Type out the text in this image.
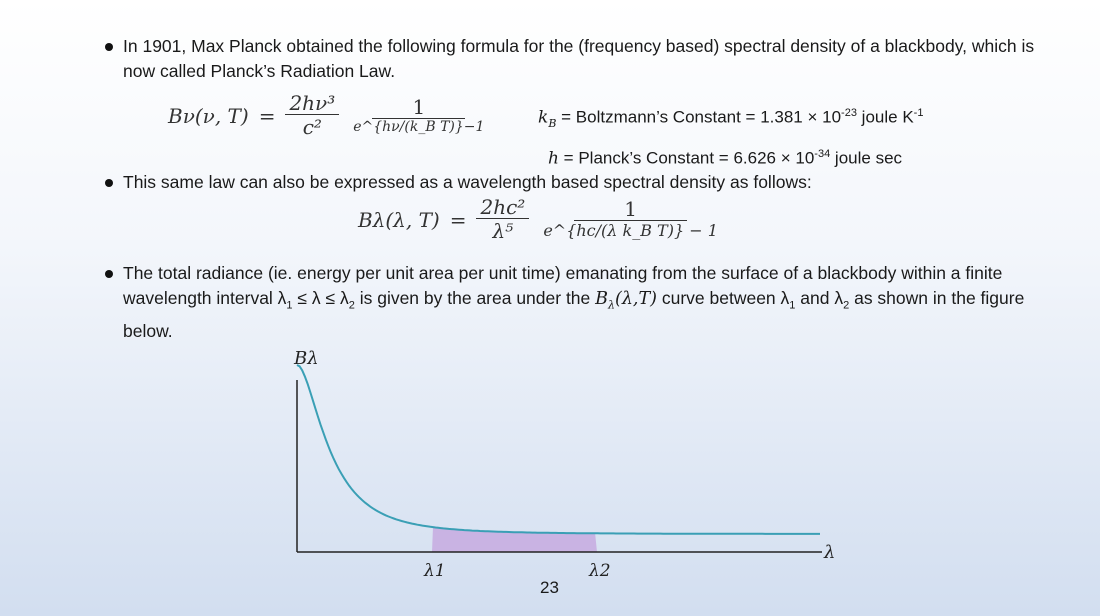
In 1901, Max Planck obtained the following formula for the (frequency based) spectral density of a blackbody, which is now called Planck’s Radiation Law.
Bν(ν, $T) = \frac{\text{2hν³}}{\text{c²}} \frac{1}{\text{e\textasciicircum{}\{hν/(k\_B T)\}−1}}$	$k_B$ = Boltzmann’s Constant = $1.381 \times 10^{-23}$ joule $K^{-1}$
h = Planck’s Constant = $6.626 \times 10^{-34}$ joule sec
This same law can also be expressed as a wavelength based spectral density as follows:
Bλ(λ, $T) = \frac{\text{2hc²}}{\text{λ⁵}} \frac{1}{\text{e\textasciicircum{}\{hc/(λ k\_B T)\} − 1}}$
The total radiance (ie. energy per unit area per unit time) emanating from the surface of a blackbody within a finite wavelength interval $\lambda_1 \le \lambda \le \lambda_2$ is given by the area under the $B_\lambda(\lambda,T)$ curve between $\lambda_1$ and $\lambda_2$ as shown in the figure below.
Bλ
λ
λ1	λ2
23
